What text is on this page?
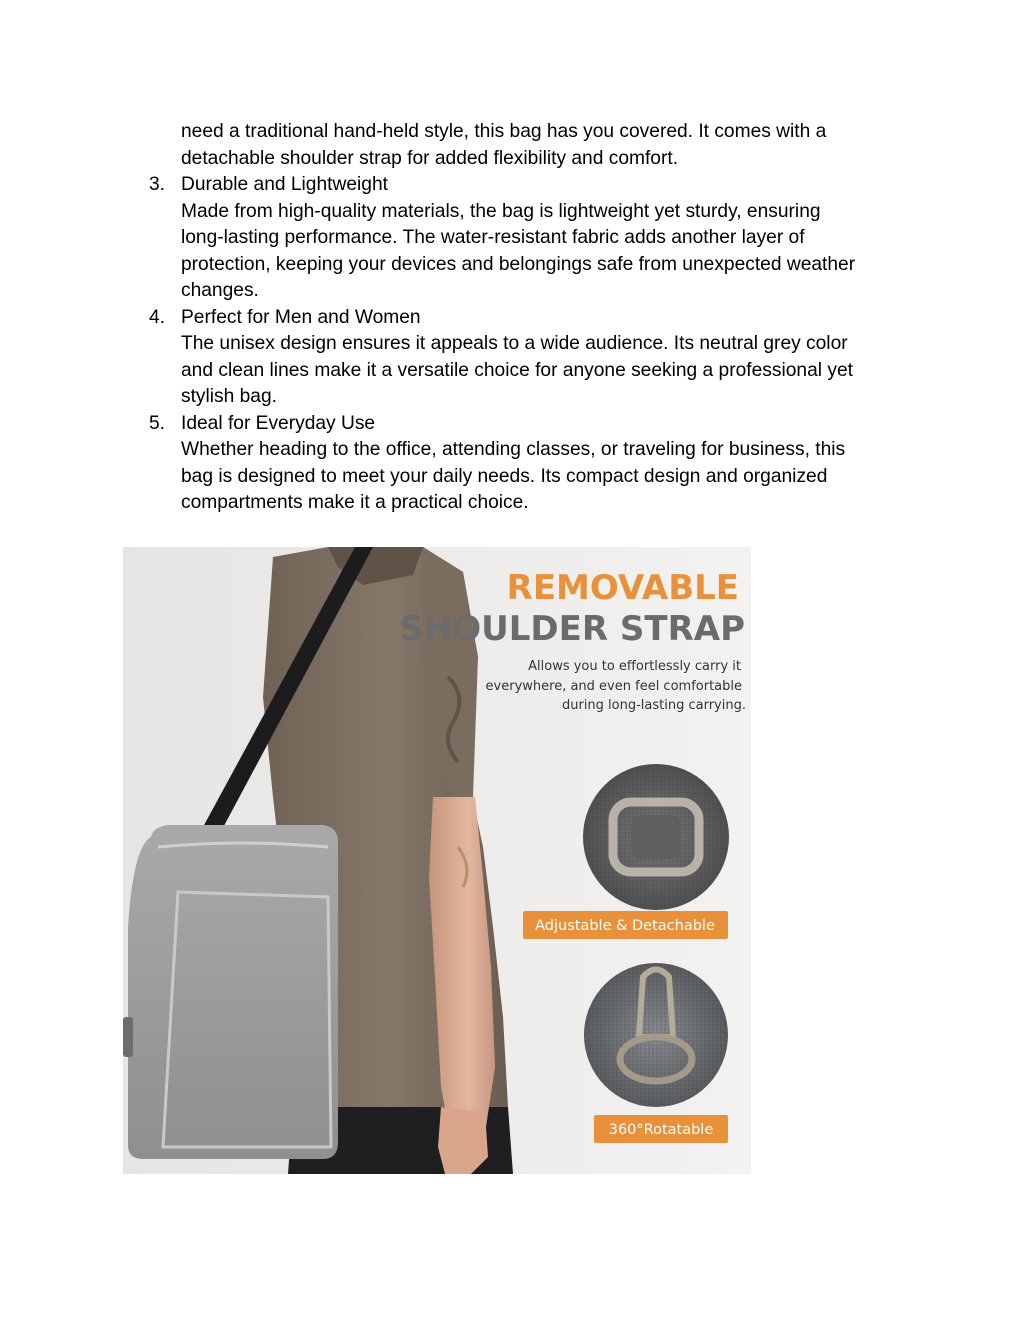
need a traditional hand-held style, this bag has you covered. It comes with a
detachable shoulder strap for added flexibility and comfort.
3. Durable and Lightweight
Made from high-quality materials, the bag is lightweight yet sturdy, ensuring
long-lasting performance. The water-resistant fabric adds another layer of
protection, keeping your devices and belongings safe from unexpected weather
changes.
4. Perfect for Men and Women
The unisex design ensures it appeals to a wide audience. Its neutral grey color
and clean lines make it a versatile choice for anyone seeking a professional yet
stylish bag.
5. Ideal for Everyday Use
Whether heading to the office, attending classes, or traveling for business, this
bag is designed to meet your daily needs. Its compact design and organized
compartments make it a practical choice.
REMOVABLE
SHOULDER STRAP
Allows you to effortlessly carry it
everywhere, and even feel comfortable
during long-lasting carrying.
Adjustable & Detachable
360°Rotatable
